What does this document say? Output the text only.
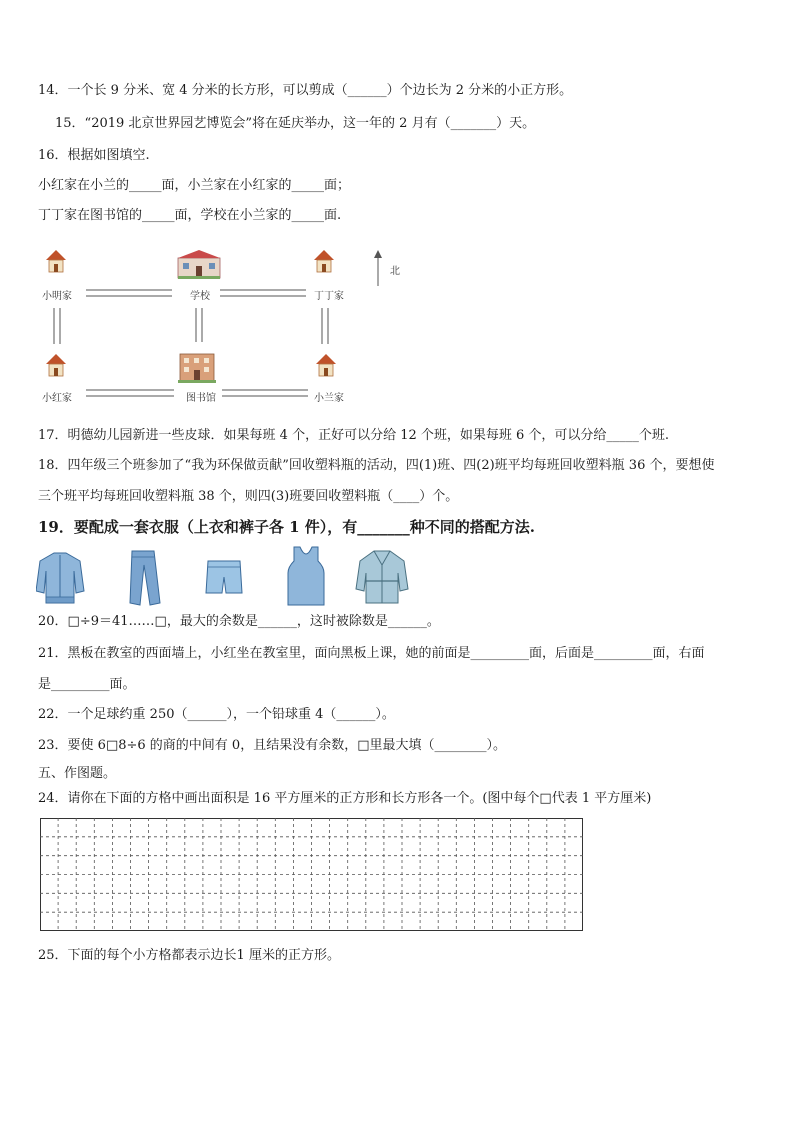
14．一个长 9 分米、宽 4 分米的长方形，可以剪成（______）个边长为 2 分米的小正方形。
15．“2019 北京世界园艺博览会”将在延庆举办，这一年的 2 月有（_______）天。
16．根据如图填空.
小红家在小兰的_____面，小兰家在小红家的_____面；
丁丁家在图书馆的_____面，学校在小兰家的_____面.
小明家	学校	丁丁家
小红家	图书馆	小兰家
北
17．明德幼儿园新进一些皮球．如果每班 4 个，正好可以分给 12 个班，如果每班 6 个，可以分给_____个班.
18．四年级三个班参加了“我为环保做贡献”回收塑料瓶的活动，四(1)班、四(2)班平均每班回收塑料瓶 36 个，要想使
三个班平均每班回收塑料瓶 38 个，则四(3)班要回收塑料瓶（____）个。
19．要配成一套衣服（上衣和裤子各 1 件），有_______种不同的搭配方法.
20．□÷9＝41……□，最大的余数是______，这时被除数是______。
21．黑板在教室的西面墙上，小红坐在教室里，面向黑板上课，她的前面是_________面，后面是_________面，右面
是_________面。
22．一个足球约重 250（______），一个铅球重 4（______）。
23．要使 6□8÷6 的商的中间有 0，且结果没有余数，□里最大填（________）。
五、作图题。
24．请你在下面的方格中画出面积是 16 平方厘米的正方形和长方形各一个。(图中每个□代表 1 平方厘米)
25．下面的每个小方格都表示边长1 厘米的正方形。
